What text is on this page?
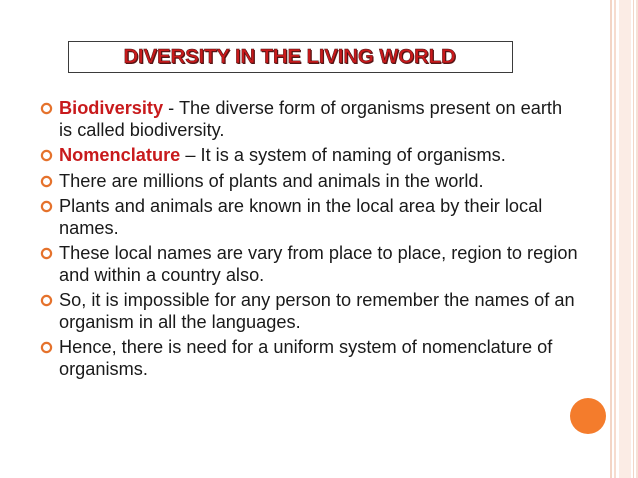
DIVERSITY IN THE LIVING WORLD
Biodiversity - The diverse form of organisms present on earth is called biodiversity.
Nomenclature – It is a system of naming of organisms.
There are millions of plants and animals in the world.
Plants and animals are known in the local area by their local names.
These local names are vary from place to place, region to region and within a country also.
So, it is impossible for any person to remember the names of an organism in all the languages.
Hence, there is need for a uniform system of nomenclature of organisms.
